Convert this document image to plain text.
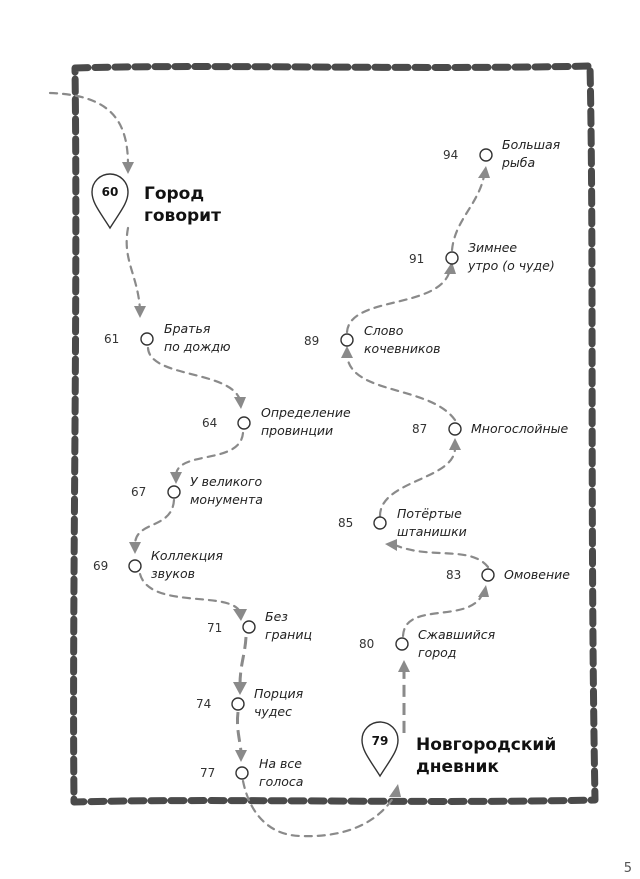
60 Город
говорит
79 Новгородский
дневник
61
Братья
по дождю
64
Определение
провинции
67
У великого
монумента
69
Коллекция
звуков
71
Без
границ
74
Порция
чудес
77
На все
голоса
80
Сжавшийся
город
83	Омовение
85
Потёртые
штанишки
87	Многослойные
89
Слово
кочевников
91
Зимнее
утро (о чуде)
94
Большая
рыба
5
